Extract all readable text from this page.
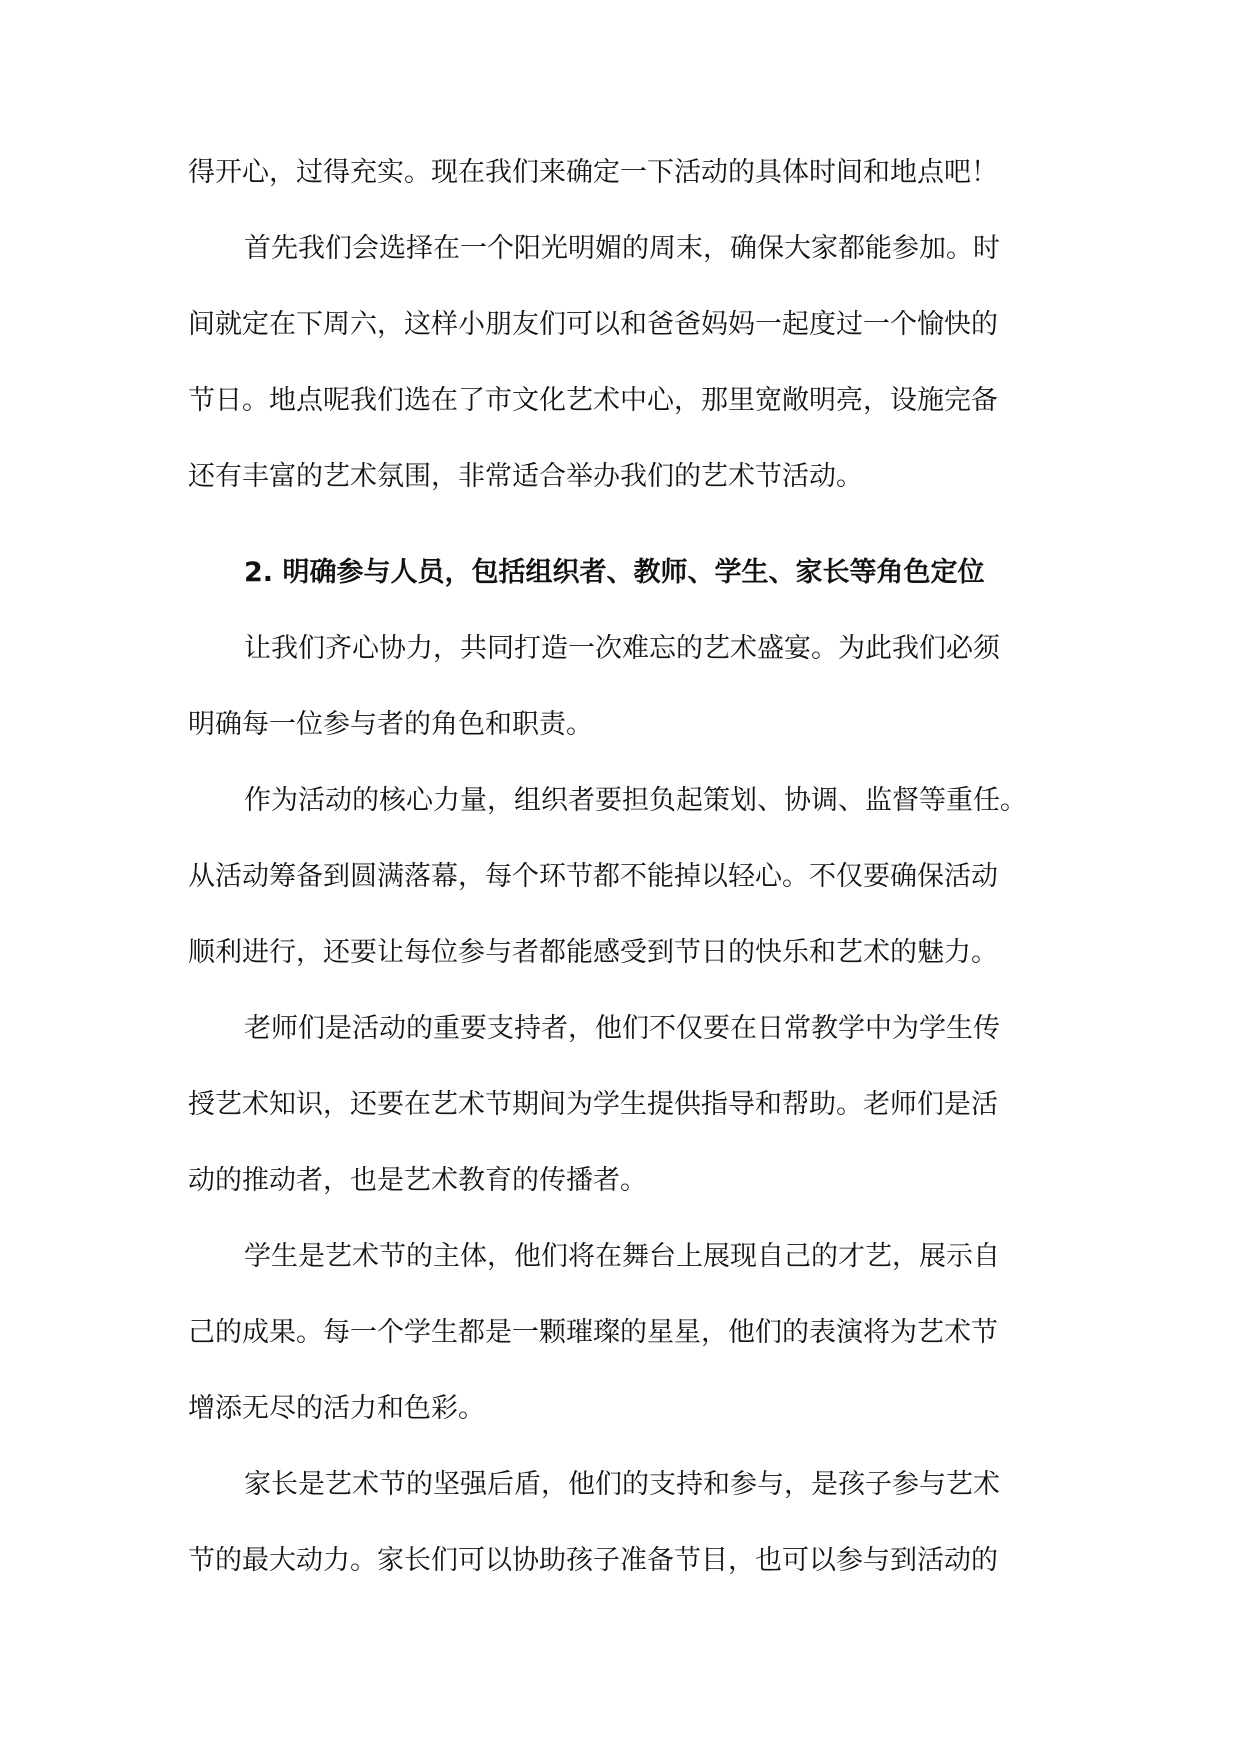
得开心，过得充实。现在我们来确定一下活动的具体时间和地点吧！

首先我们会选择在一个阳光明媚的周末，确保大家都能参加。时
间就定在下周六，这样小朋友们可以和爸爸妈妈一起度过一个愉快的
节日。地点呢我们选在了市文化艺术中心，那里宽敞明亮，设施完备
还有丰富的艺术氛围，非常适合举办我们的艺术节活动。

2. 明确参与人员，包括组织者、教师、学生、家长等角色定位

让我们齐心协力，共同打造一次难忘的艺术盛宴。为此我们必须
明确每一位参与者的角色和职责。

作为活动的核心力量，组织者要担负起策划、协调、监督等重任。
从活动筹备到圆满落幕，每个环节都不能掉以轻心。不仅要确保活动
顺利进行，还要让每位参与者都能感受到节日的快乐和艺术的魅力。

老师们是活动的重要支持者，他们不仅要在日常教学中为学生传
授艺术知识，还要在艺术节期间为学生提供指导和帮助。老师们是活
动的推动者，也是艺术教育的传播者。

学生是艺术节的主体，他们将在舞台上展现自己的才艺，展示自
己的成果。每一个学生都是一颗璀璨的星星，他们的表演将为艺术节
增添无尽的活力和色彩。

家长是艺术节的坚强后盾，他们的支持和参与，是孩子参与艺术
节的最大动力。家长们可以协助孩子准备节目，也可以参与到活动的
